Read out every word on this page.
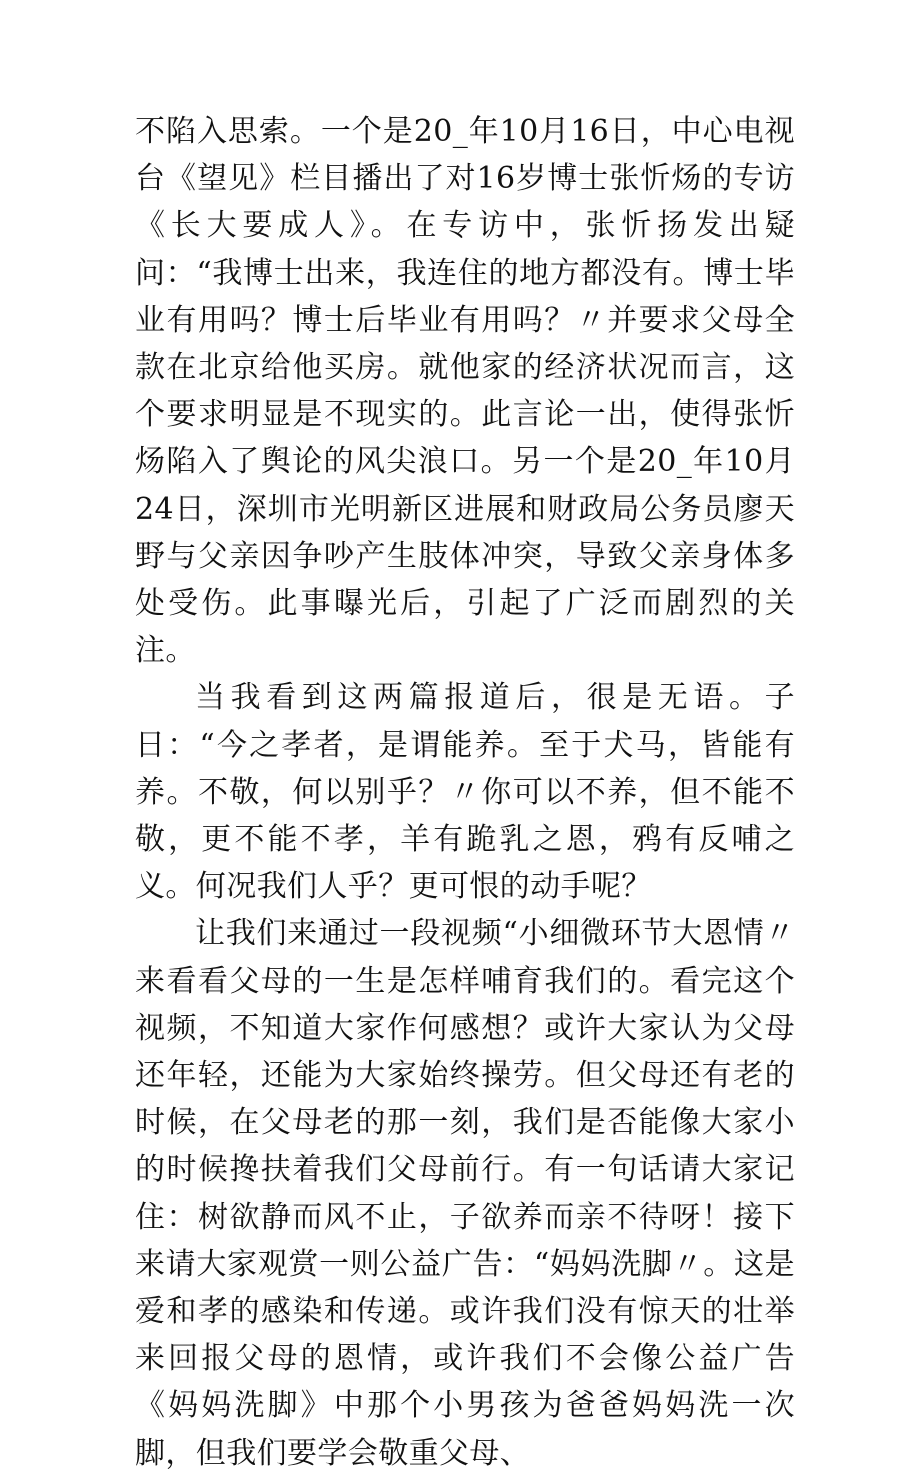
不陷入思索。一个是20_年10月16日，中心电视台《望见》栏目播出了对16岁博士张忻炀的专访《长大要成人》。在专访中，张忻扬发出疑问：“我博士出来，我连住的地方都没有。博士毕业有用吗？博士后毕业有用吗？〃并要求父母全款在北京给他买房。就他家的经济状况而言，这个要求明显是不现实的。此言论一出，使得张忻炀陷入了舆论的风尖浪口。另一个是20_年10月24日，深圳市光明新区进展和财政局公务员廖天野与父亲因争吵产生肢体冲突，导致父亲身体多处受伤。此事曝光后，引起了广泛而剧烈的关注。

当我看到这两篇报道后，很是无语。子日：“今之孝者，是谓能养。至于犬马，皆能有养。不敬，何以别乎？〃你可以不养，但不能不敬，更不能不孝，羊有跪乳之恩，鸦有反哺之义。何况我们人乎？更可恨的动手呢？

让我们来通过一段视频“小细微环节大恩情〃来看看父母的一生是怎样哺育我们的。看完这个视频，不知道大家作何感想？或许大家认为父母还年轻，还能为大家始终操劳。但父母还有老的时候，在父母老的那一刻，我们是否能像大家小的时候搀扶着我们父母前行。有一句话请大家记住：树欲静而风不止，子欲养而亲不待呀！接下来请大家观赏一则公益广告：“妈妈洗脚〃。这是爱和孝的感染和传递。或许我们没有惊天的壮举来回报父母的恩情，或许我们不会像公益广告《妈妈洗脚》中那个小男孩为爸爸妈妈洗一次脚，但我们要学会敬重父母、
